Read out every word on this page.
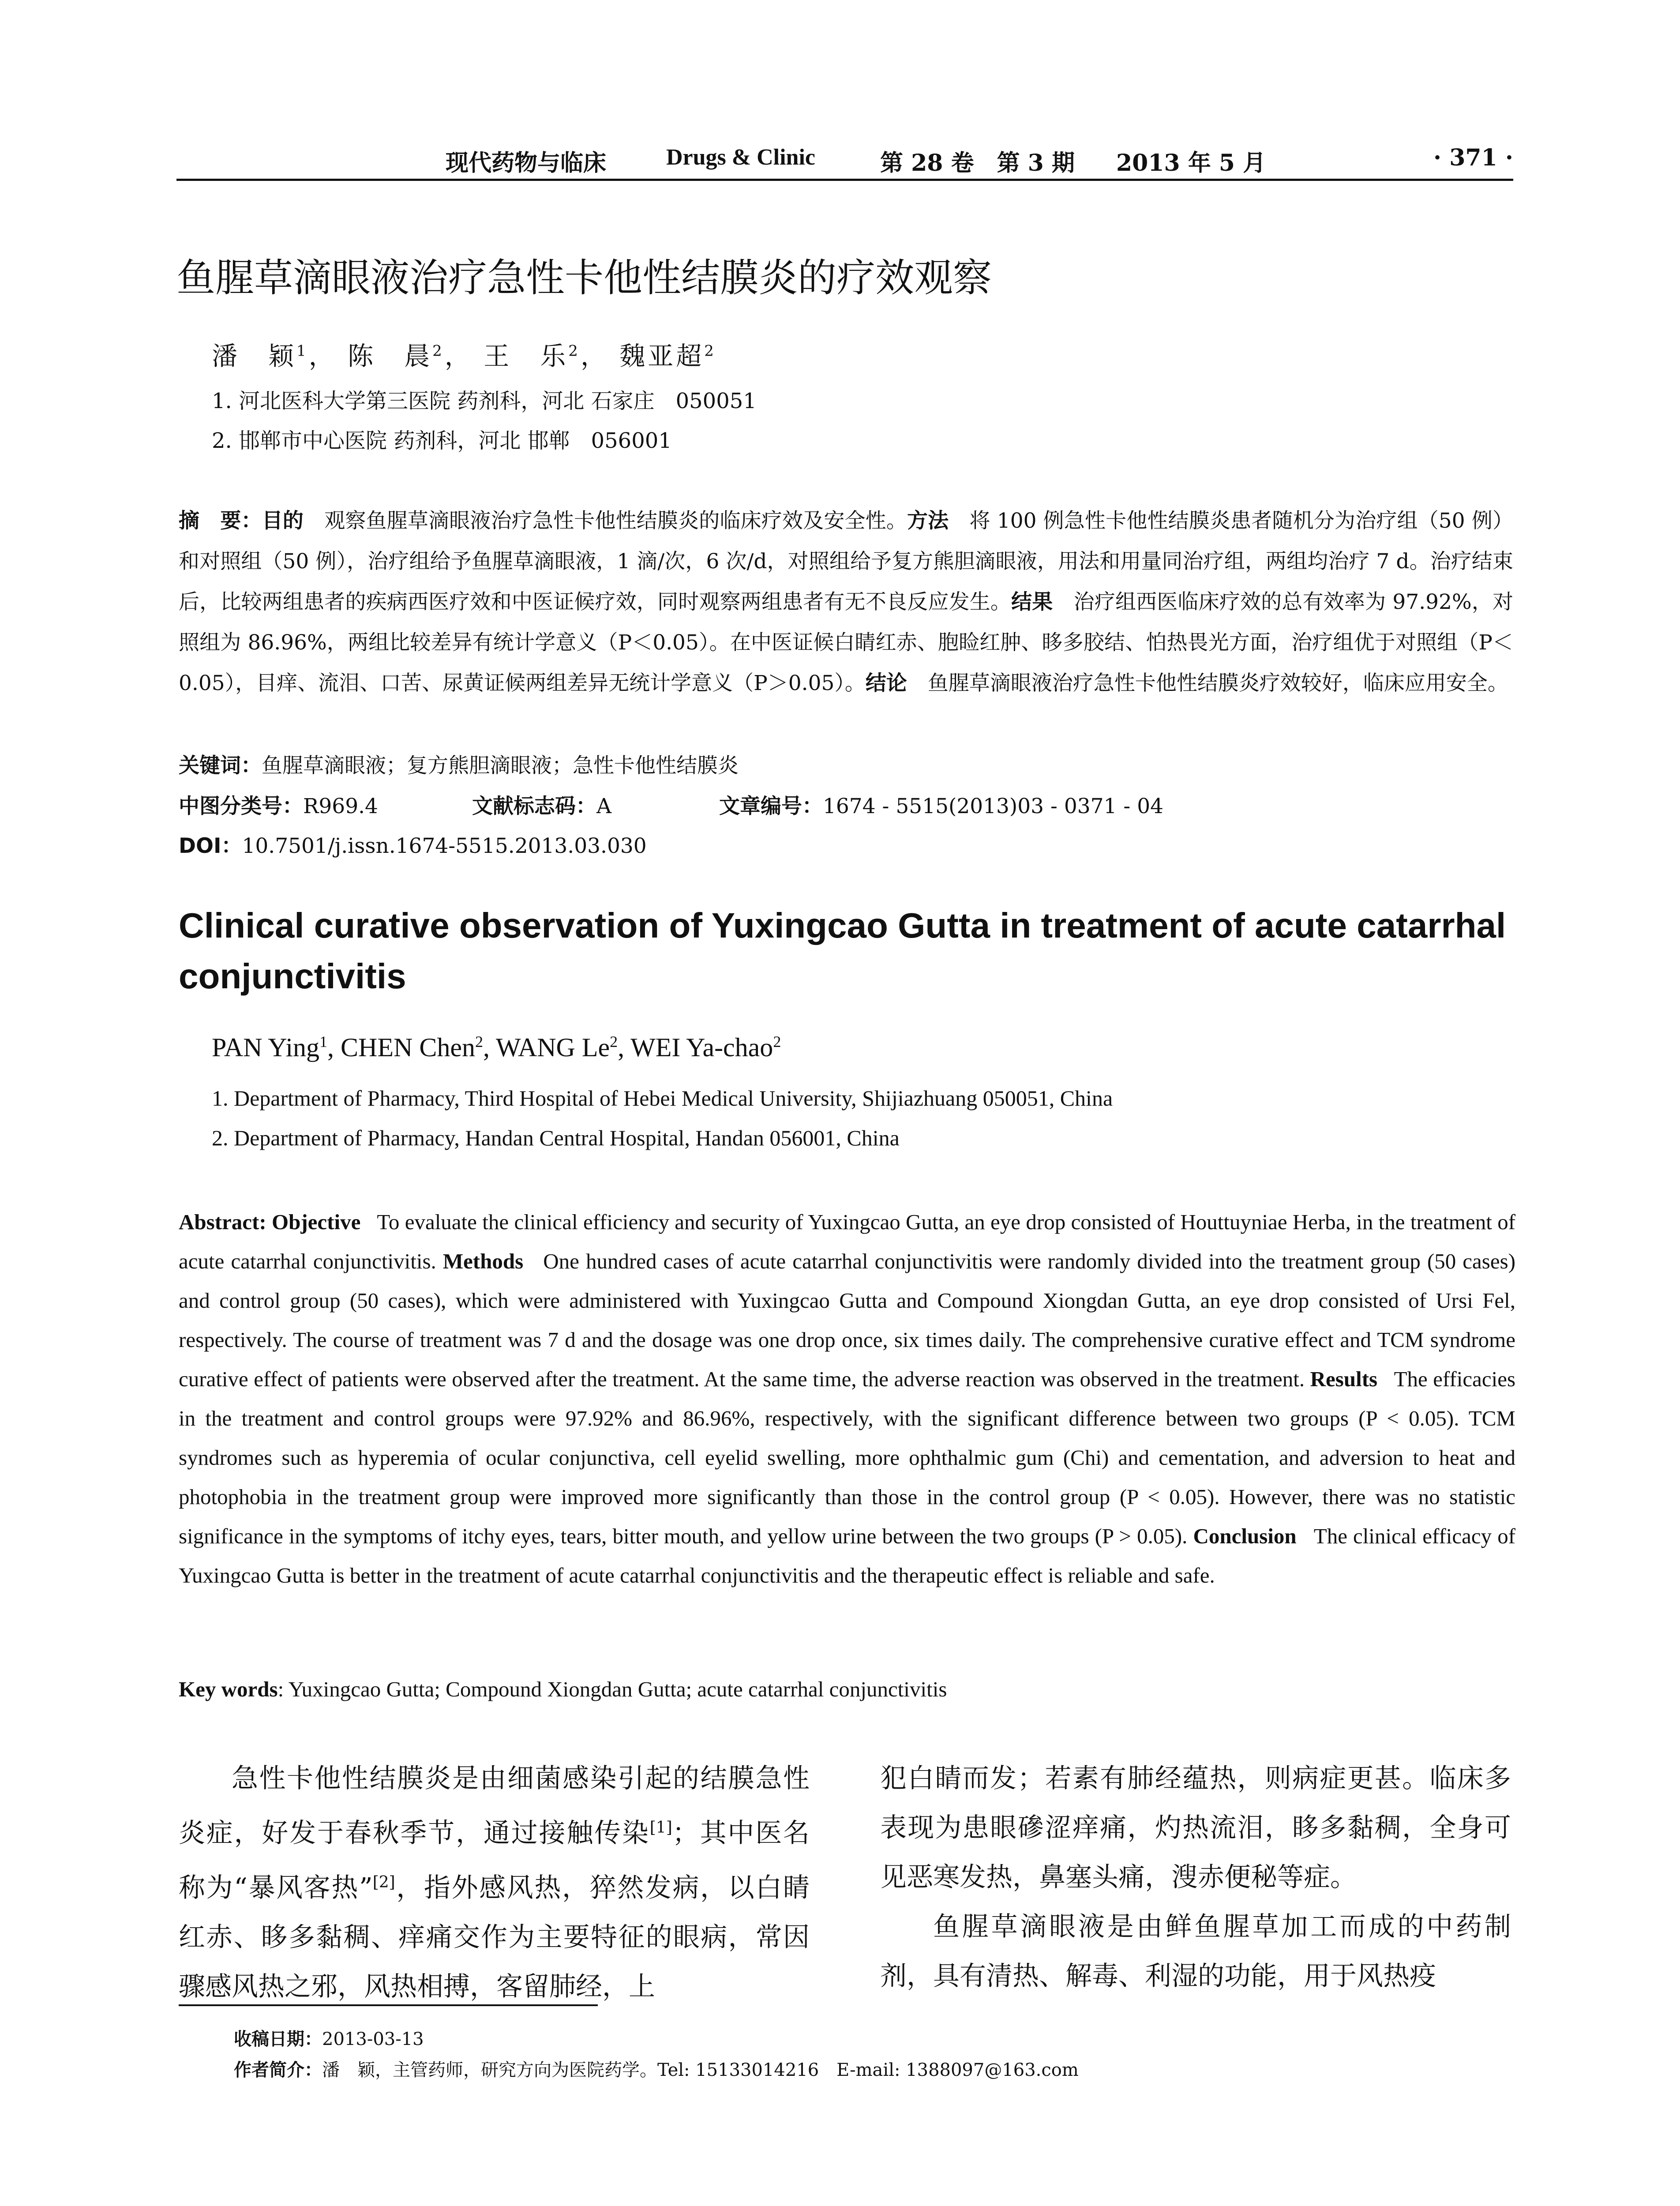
现代药物与临床	Drugs & Clinic	第 28 卷　第 3 期 2013 年 5 月	· 371 ·
鱼腥草滴眼液治疗急性卡他性结膜炎的疗效观察
潘　颖$^1$， 陈　晨$^2$， 王　乐$^2$， 魏亚超$^2$
1. 河北医科大学第三医院 药剂科，河北 石家庄　050051
2. 邯郸市中心医院 药剂科，河北 邯郸　056001
摘　要：目的　观察鱼腥草滴眼液治疗急性卡他性结膜炎的临床疗效及安全性。方法　将 100 例急性卡他性结膜炎患者随机分为治疗组（50 例）和对照组（50 例），治疗组给予鱼腥草滴眼液，1 滴/次，6 次/d，对照组给予复方熊胆滴眼液，用法和用量同治疗组，两组均治疗 7 d。治疗结束后，比较两组患者的疾病西医疗效和中医证候疗效，同时观察两组患者有无不良反应发生。结果　治疗组西医临床疗效的总有效率为 97.92%，对照组为 86.96%，两组比较差异有统计学意义（P＜0.05）。在中医证候白睛红赤、胞睑红肿、眵多胶结、怕热畏光方面，治疗组优于对照组（P＜0.05），目痒、流泪、口苦、尿黄证候两组差异无统计学意义（P＞0.05）。结论　鱼腥草滴眼液治疗急性卡他性结膜炎疗效较好，临床应用安全。
关键词：鱼腥草滴眼液；复方熊胆滴眼液；急性卡他性结膜炎
中图分类号：R969.4	文献标志码：A	文章编号：1674 - 5515(2013)03 - 0371 - 04
DOI：10.7501/j.issn.1674-5515.2013.03.030
Clinical curative observation of Yuxingcao Gutta in treatment of acute catarrhal conjunctivitis
PAN Ying$^1$, CHEN Chen$^2$, WANG Le$^2$, WEI Ya-chao$^2$
1. Department of Pharmacy, Third Hospital of Hebei Medical University, Shijiazhuang 050051, China
2. Department of Pharmacy, Handan Central Hospital, Handan 056001, China
Abstract: Objective To evaluate the clinical efficiency and security of Yuxingcao Gutta, an eye drop consisted of Houttuyniae Herba, in the treatment of acute catarrhal conjunctivitis. Methods One hundred cases of acute catarrhal conjunctivitis were randomly divided into the treatment group (50 cases) and control group (50 cases), which were administered with Yuxingcao Gutta and Compound Xiongdan Gutta, an eye drop consisted of Ursi Fel, respectively. The course of treatment was 7 d and the dosage was one drop once, six times daily. The comprehensive curative effect and TCM syndrome curative effect of patients were observed after the treatment. At the same time, the adverse reaction was observed in the treatment. Results The efficacies in the treatment and control groups were 97.92% and 86.96%, respectively, with the significant difference between two groups (P < 0.05). TCM syndromes such as hyperemia of ocular conjunctiva, cell eyelid swelling, more ophthalmic gum (Chi) and cementation, and adversion to heat and photophobia in the treatment group were improved more significantly than those in the control group (P < 0.05). However, there was no statistic significance in the symptoms of itchy eyes, tears, bitter mouth, and yellow urine between the two groups (P > 0.05). Conclusion The clinical efficacy of Yuxingcao Gutta is better in the treatment of acute catarrhal conjunctivitis and the therapeutic effect is reliable and safe.
Key words: Yuxingcao Gutta; Compound Xiongdan Gutta; acute catarrhal conjunctivitis

急性卡他性结膜炎是由细菌感染引起的结膜急性炎症，好发于春秋季节，通过接触传染[1]；其中医名称为“暴风客热”[2]，指外感风热，猝然发病，以白睛红赤、眵多黏稠、痒痛交作为主要特征的眼病，常因骤感风热之邪，风热相搏，客留肺经，上

犯白睛而发；若素有肺经蕴热，则病症更甚。临床多表现为患眼磣涩痒痛，灼热流泪，眵多黏稠，全身可见恶寒发热，鼻塞头痛，溲赤便秘等症。

鱼腥草滴眼液是由鲜鱼腥草加工而成的中药制剂，具有清热、解毒、利湿的功能，用于风热疫

收稿日期：2013-03-13
作者简介：潘　颖，主管药师，研究方向为医院药学。Tel: 15133014216　E-mail: 1388097@163.com
